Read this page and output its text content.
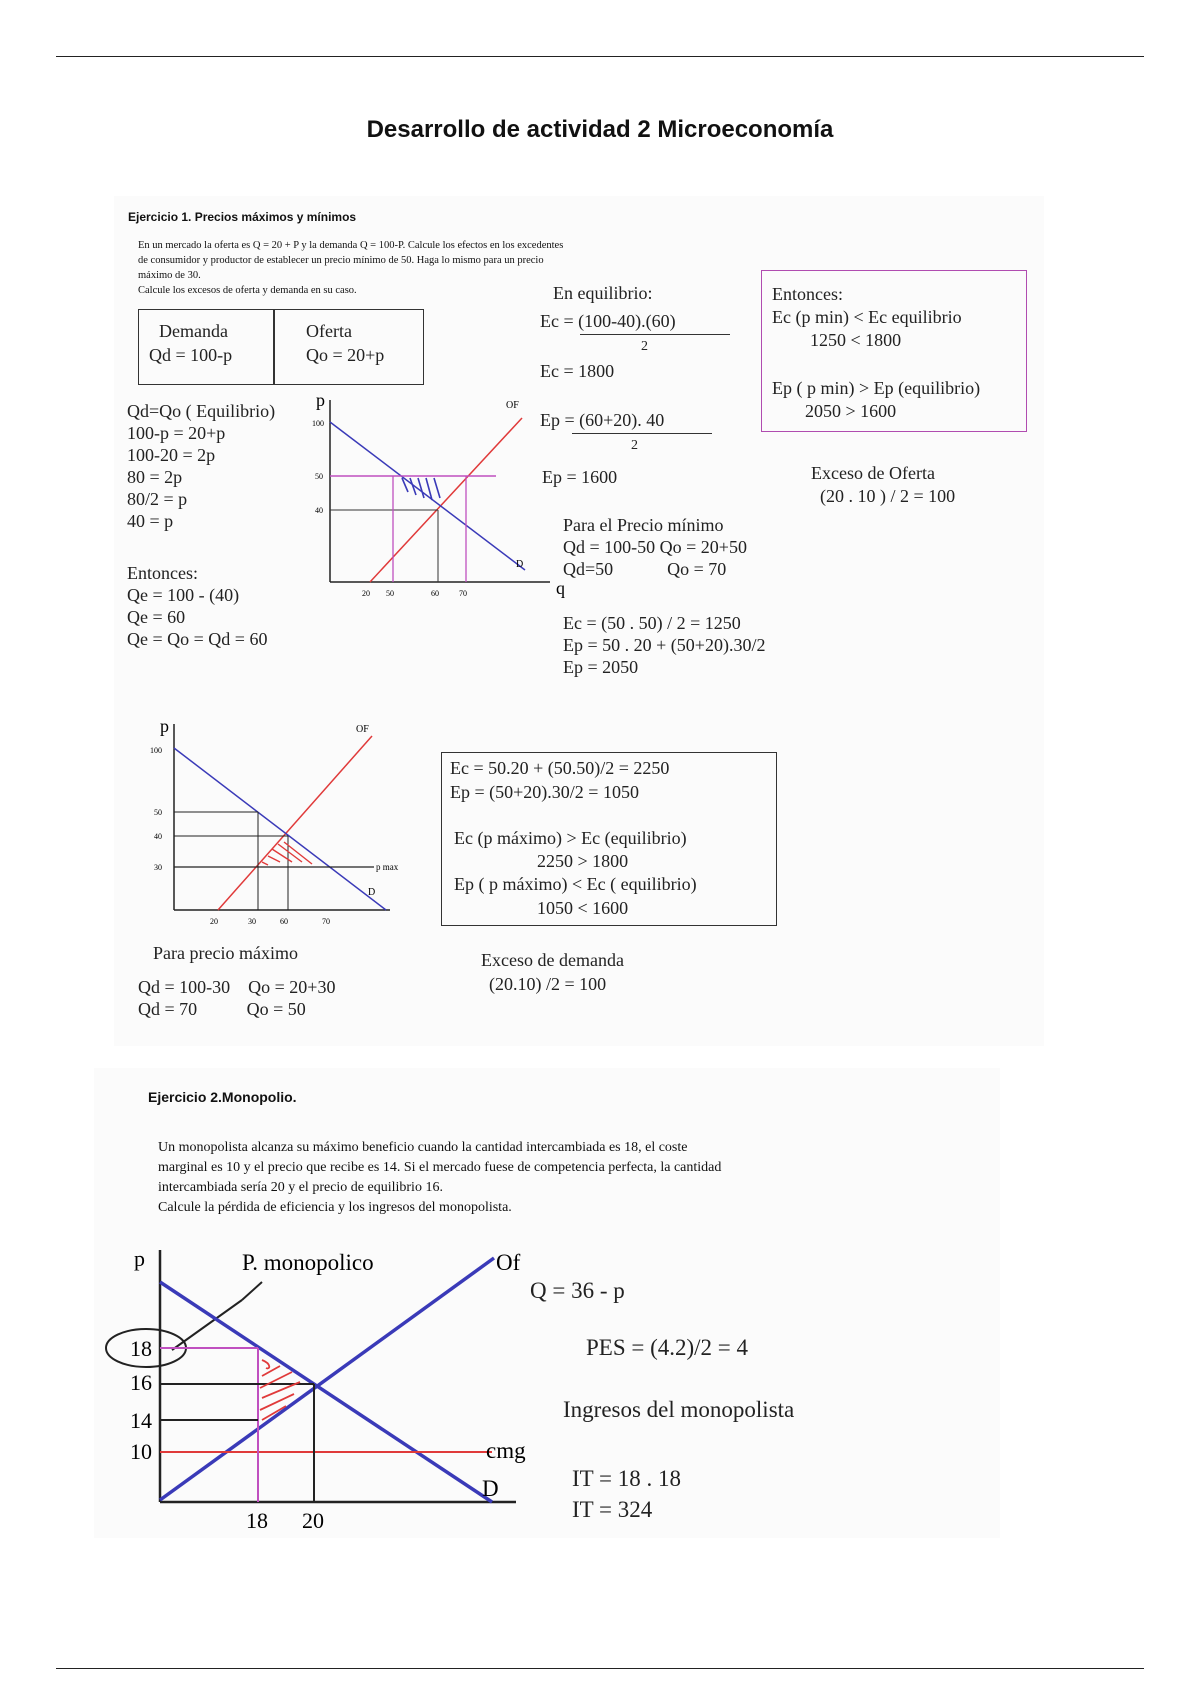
Desarrollo de actividad 2 Microeconomía
Ejercicio 1. Precios máximos y mínimos
En un mercado la oferta es Q = 20 + P y la demanda Q = 100-P. Calcule los efectos en los excedentes
de consumidor y productor de establecer un precio mínimo de 50. Haga lo mismo para un precio
máximo de 30.
Calcule los excesos de oferta y demanda en su caso.
Demanda
Qd = 100-p
Oferta
Qo = 20+p
Qd=Qo ( Equilibrio)
100-p = 20+p
100-20 = 2p
80 = 2p
80/2 = p
40 = p
Entonces:
Qe = 100 - (40)
Qe = 60
Qe = Qo = Qd = 60
p
q
OF
D
100
50
40
20 50	60	70
En equilibrio:
Ec = (100-40).(60)
2
Ec = 1800
Ep = (60+20). 40
2
Ep = 1600
Entonces:
Ec (p min) < Ec equilibrio
1250 < 1800
Ep ( p min) > Ep (equilibrio)
2050 > 1600
Exceso de Oferta
(20 . 10 ) / 2 = 100
Para el Precio mínimo
Qd = 100-50 Qo = 20+50
Qd=50            Qo = 70
Ec = (50 . 50) / 2 = 1250
Ep = 50 . 20 + (50+20).30/2
Ep = 2050
p	OF
D
p max
100
50
40
30
20	30	60	70
Ec = 50.20 + (50.50)/2 = 2250
Ep = (50+20).30/2 = 1050
Ec (p máximo) > Ec (equilibrio)
2250 > 1800
Ep ( p máximo) < Ec ( equilibrio)
1050 < 1600
Para precio máximo
Qd = 100-30    Qo = 20+30
Qd = 70           Qo = 50
Exceso de demanda
(20.10) /2 = 100
Ejercicio 2.Monopolio.
Un monopolista alcanza su máximo beneficio cuando la cantidad intercambiada es 18, el coste
marginal es 10 y el precio que recibe es 14. Si el mercado fuese de competencia perfecta, la cantidad
intercambiada sería 20 y el precio de equilibrio 16.
Calcule la pérdida de eficiencia y los ingresos del monopolista.
p	P. monopolico	Of
D
cmg
18
16
14
10
18 20
Q = 36 - p
PES = (4.2)/2 = 4
Ingresos del monopolista
IT = 18 . 18
IT = 324
